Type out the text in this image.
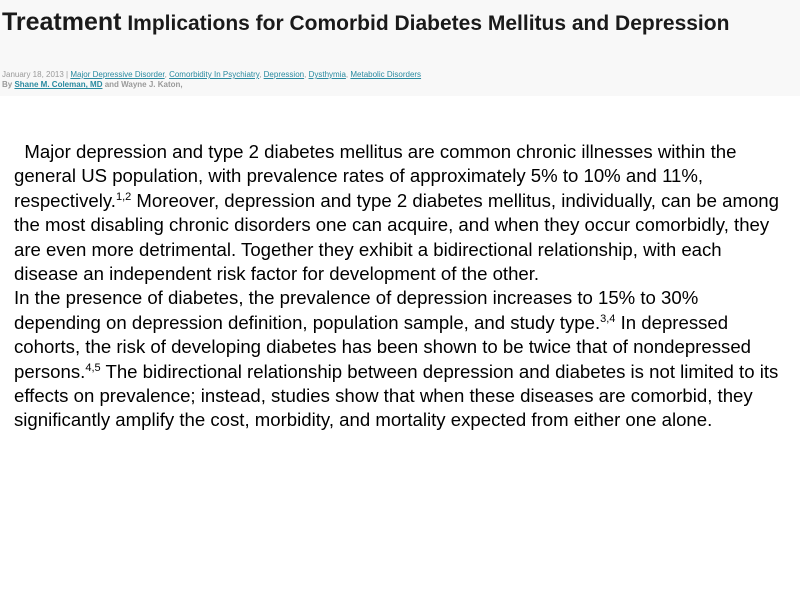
Treatment Implications for Comorbid Diabetes Mellitus and Depression
January 18, 2013 | Major Depressive Disorder, Comorbidity In Psychiatry, Depression, Dysthymia, Metabolic Disorders
By Shane M. Coleman, MD and Wayne J. Katon,

Major depression and type 2 diabetes mellitus are common chronic illnesses within the general US population, with prevalence rates of approximately 5% to 10% and 11%, respectively.$^{1,2}$ Moreover, depression and type 2 diabetes mellitus, individually, can be among the most disabling chronic disorders one can acquire, and when they occur comorbidly, they are even more detrimental. Together they exhibit a bidirectional relationship, with each disease an independent risk factor for development of the other.

In the presence of diabetes, the prevalence of depression increases to 15% to 30% depending on depression definition, population sample, and study type.$^{3,4}$ In depressed cohorts, the risk of developing diabetes has been shown to be twice that of nondepressed persons.$^{4,5}$ The bidirectional relationship between depression and diabetes is not limited to its effects on prevalence; instead, studies show that when these diseases are comorbid, they significantly amplify the cost, morbidity, and mortality expected from either one alone.
